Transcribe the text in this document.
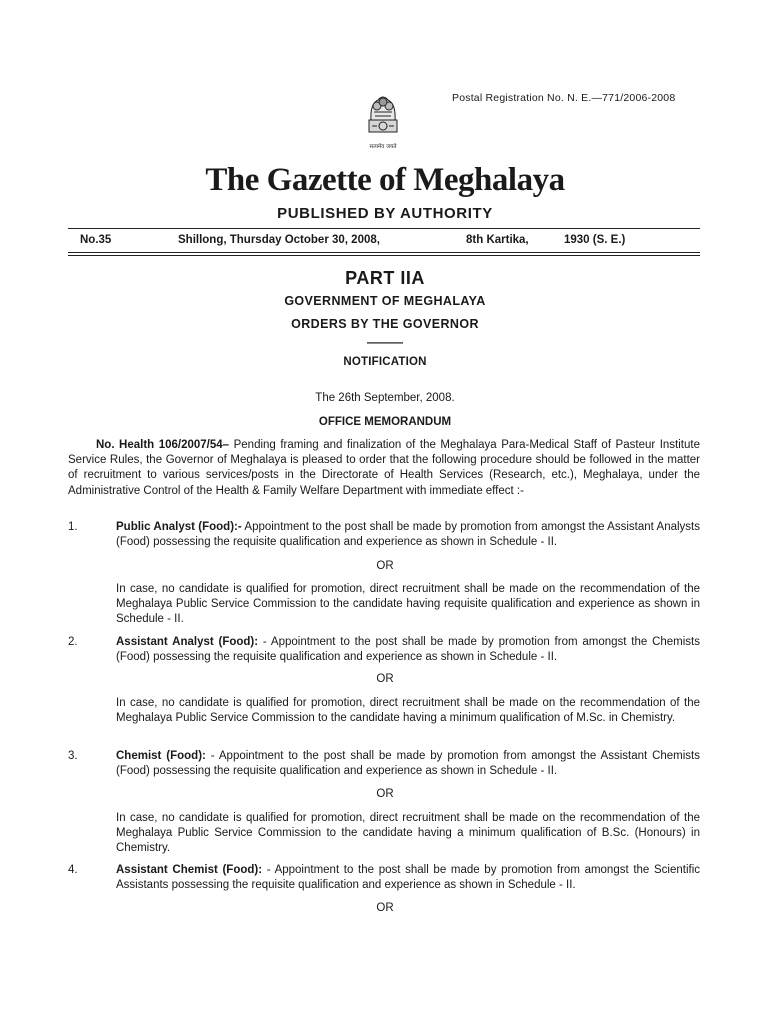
Postal Registration No. N. E.—771/2006-2008
सत्यमेव जयते
The Gazette of Meghalaya
PUBLISHED BY AUTHORITY
No.35	Shillong, Thursday October 30, 2008,	8th Kartika,	1930 (S. E.)
PART IIA
GOVERNMENT OF MEGHALAYA
ORDERS BY THE GOVERNOR
———
NOTIFICATION
The 26th September, 2008.
OFFICE MEMORANDUM
No. Health 106/2007/54– Pending framing and finalization of the Meghalaya Para-Medical Staff of Pasteur Institute Service Rules, the Governor of Meghalaya is pleased to order that the following procedure should be followed in the matter of recruitment to various services/posts in the Directorate of Health Services (Research, etc.), Meghalaya, under the Administrative Control of the Health & Family Welfare Department with immediate effect :-
1.	Public Analyst (Food):- Appointment to the post shall be made by promotion from amongst the Assistant Analysts (Food) possessing the requisite qualification and experience as shown in Schedule - II.
OR
In case, no candidate is qualified for promotion, direct recruitment shall be made on the recommendation of the Meghalaya Public Service Commission to the candidate having requisite qualification and experience as shown in Schedule - II.
2.	Assistant Analyst (Food): - Appointment to the post shall be made by promotion from amongst the Chemists (Food) possessing the requisite qualification and experience as shown in Schedule - II.
OR
In case, no candidate is qualified for promotion, direct recruitment shall be made on the recommendation of the Meghalaya Public Service Commission to the candidate having a minimum qualification of M.Sc. in Chemistry.
3.	Chemist (Food): - Appointment to the post shall be made by promotion from amongst the Assistant Chemists (Food) possessing the requisite qualification and experience as shown in Schedule - II.
OR
In case, no candidate is qualified for promotion, direct recruitment shall be made on the recommendation of the Meghalaya Public Service Commission to the candidate having a minimum qualification of B.Sc. (Honours) in Chemistry.
4.	Assistant Chemist (Food): - Appointment to the post shall be made by promotion from amongst the Scientific Assistants possessing the requisite qualification and experience as shown in Schedule - II.
OR
